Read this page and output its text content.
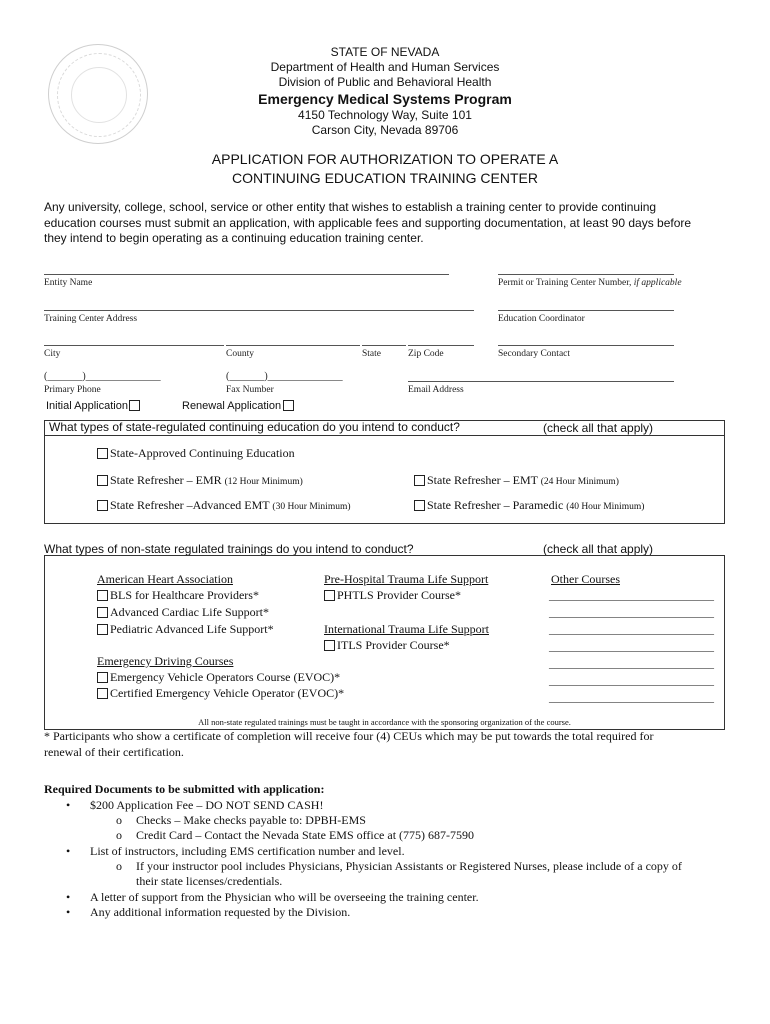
STATE OF NEVADA
Department of Health and Human Services
Division of Public and Behavioral Health
Emergency Medical Systems Program
4150 Technology Way, Suite 101
Carson City, Nevada 89706
APPLICATION FOR AUTHORIZATION TO OPERATE A
CONTINUING EDUCATION TRAINING CENTER
Any university, college, school, service or other entity that wishes to establish a training center to provide continuing
education courses must submit an application, with applicable fees and supporting documentation, at least 90 days before
they intend to begin operating as a continuing education training center.
Entity Name	Permit or Training Center Number, if applicable
Training Center Address	Education Coordinator
City	County	State	Zip Code	Secondary Contact
(_______)_______________
Primary Phone
(_______)_______________
Fax Number	Email Address
Initial Application	Renewal Application
What types of state-regulated continuing education do you intend to conduct?	(check all that apply)
State-Approved Continuing Education
State Refresher – EMR (12 Hour Minimum)	State Refresher – EMT (24 Hour Minimum)
State Refresher –Advanced EMT (30 Hour Minimum)	State Refresher – Paramedic (40 Hour Minimum)
What types of non-state regulated trainings do you intend to conduct?	(check all that apply)
American Heart Association
BLS for Healthcare Providers*
Advanced Cardiac Life Support*
Pediatric Advanced Life Support*
Pre-Hospital Trauma Life Support
PHTLS Provider Course*
International Trauma Life Support
ITLS Provider Course*
Emergency Driving Courses
Emergency Vehicle Operators Course (EVOC)*
Certified Emergency Vehicle Operator (EVOC)*
Other Courses
______________________________
______________________________
______________________________
______________________________
______________________________
______________________________
______________________________
All non-state regulated trainings must be taught in accordance with the sponsoring organization of the course.
* Participants who show a certificate of completion will receive four (4) CEUs which may be put towards the total required for
renewal of their certification.
Required Documents to be submitted with application:
• $200 Application Fee – DO NOT SEND CASH!
o Checks – Make checks payable to: DPBH-EMS
o Credit Card – Contact the Nevada State EMS office at (775) 687-7590
• List of instructors, including EMS certification number and level.
o If your instructor pool includes Physicians, Physician Assistants or Registered Nurses, please include of a copy of
their state licenses/credentials.
• A letter of support from the Physician who will be overseeing the training center.
• Any additional information requested by the Division.
